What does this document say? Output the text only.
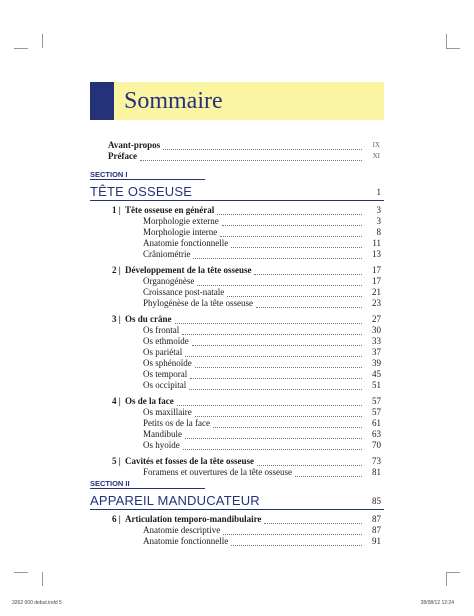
Sommaire
Avant-propos	IX
Préface	XI
SECTION I
TÊTE OSSEUSE	1
1 | Tête osseuse en général	3
Morphologie externe	3
Morphologie interne	8
Anatomie fonctionnelle	11
Crâniométrie	13
2 | Développement de la tête osseuse	17
Organogénèse	17
Croissance post-natale	21
Phylogénèse de la tête osseuse	23
3 | Os du crâne	27
Os frontal	30
Os ethmoïde	33
Os pariétal	37
Os sphénoïde	39
Os temporal	45
Os occipital	51
4 | Os de la face	57
Os maxillaire	57
Petits os de la face	61
Mandibule	63
Os hyoïde	70
5 | Cavités et fosses de la tête osseuse	73
Foramens et ouvertures de la tête osseuse	81
SECTION II
APPAREIL MANDUCATEUR	85
6 | Articulation temporo-mandibulaire	87
Anatomie descriptive	87
Anatomie fonctionnelle	91
3262 000 debut.indd 5	28/08/12 12:24
